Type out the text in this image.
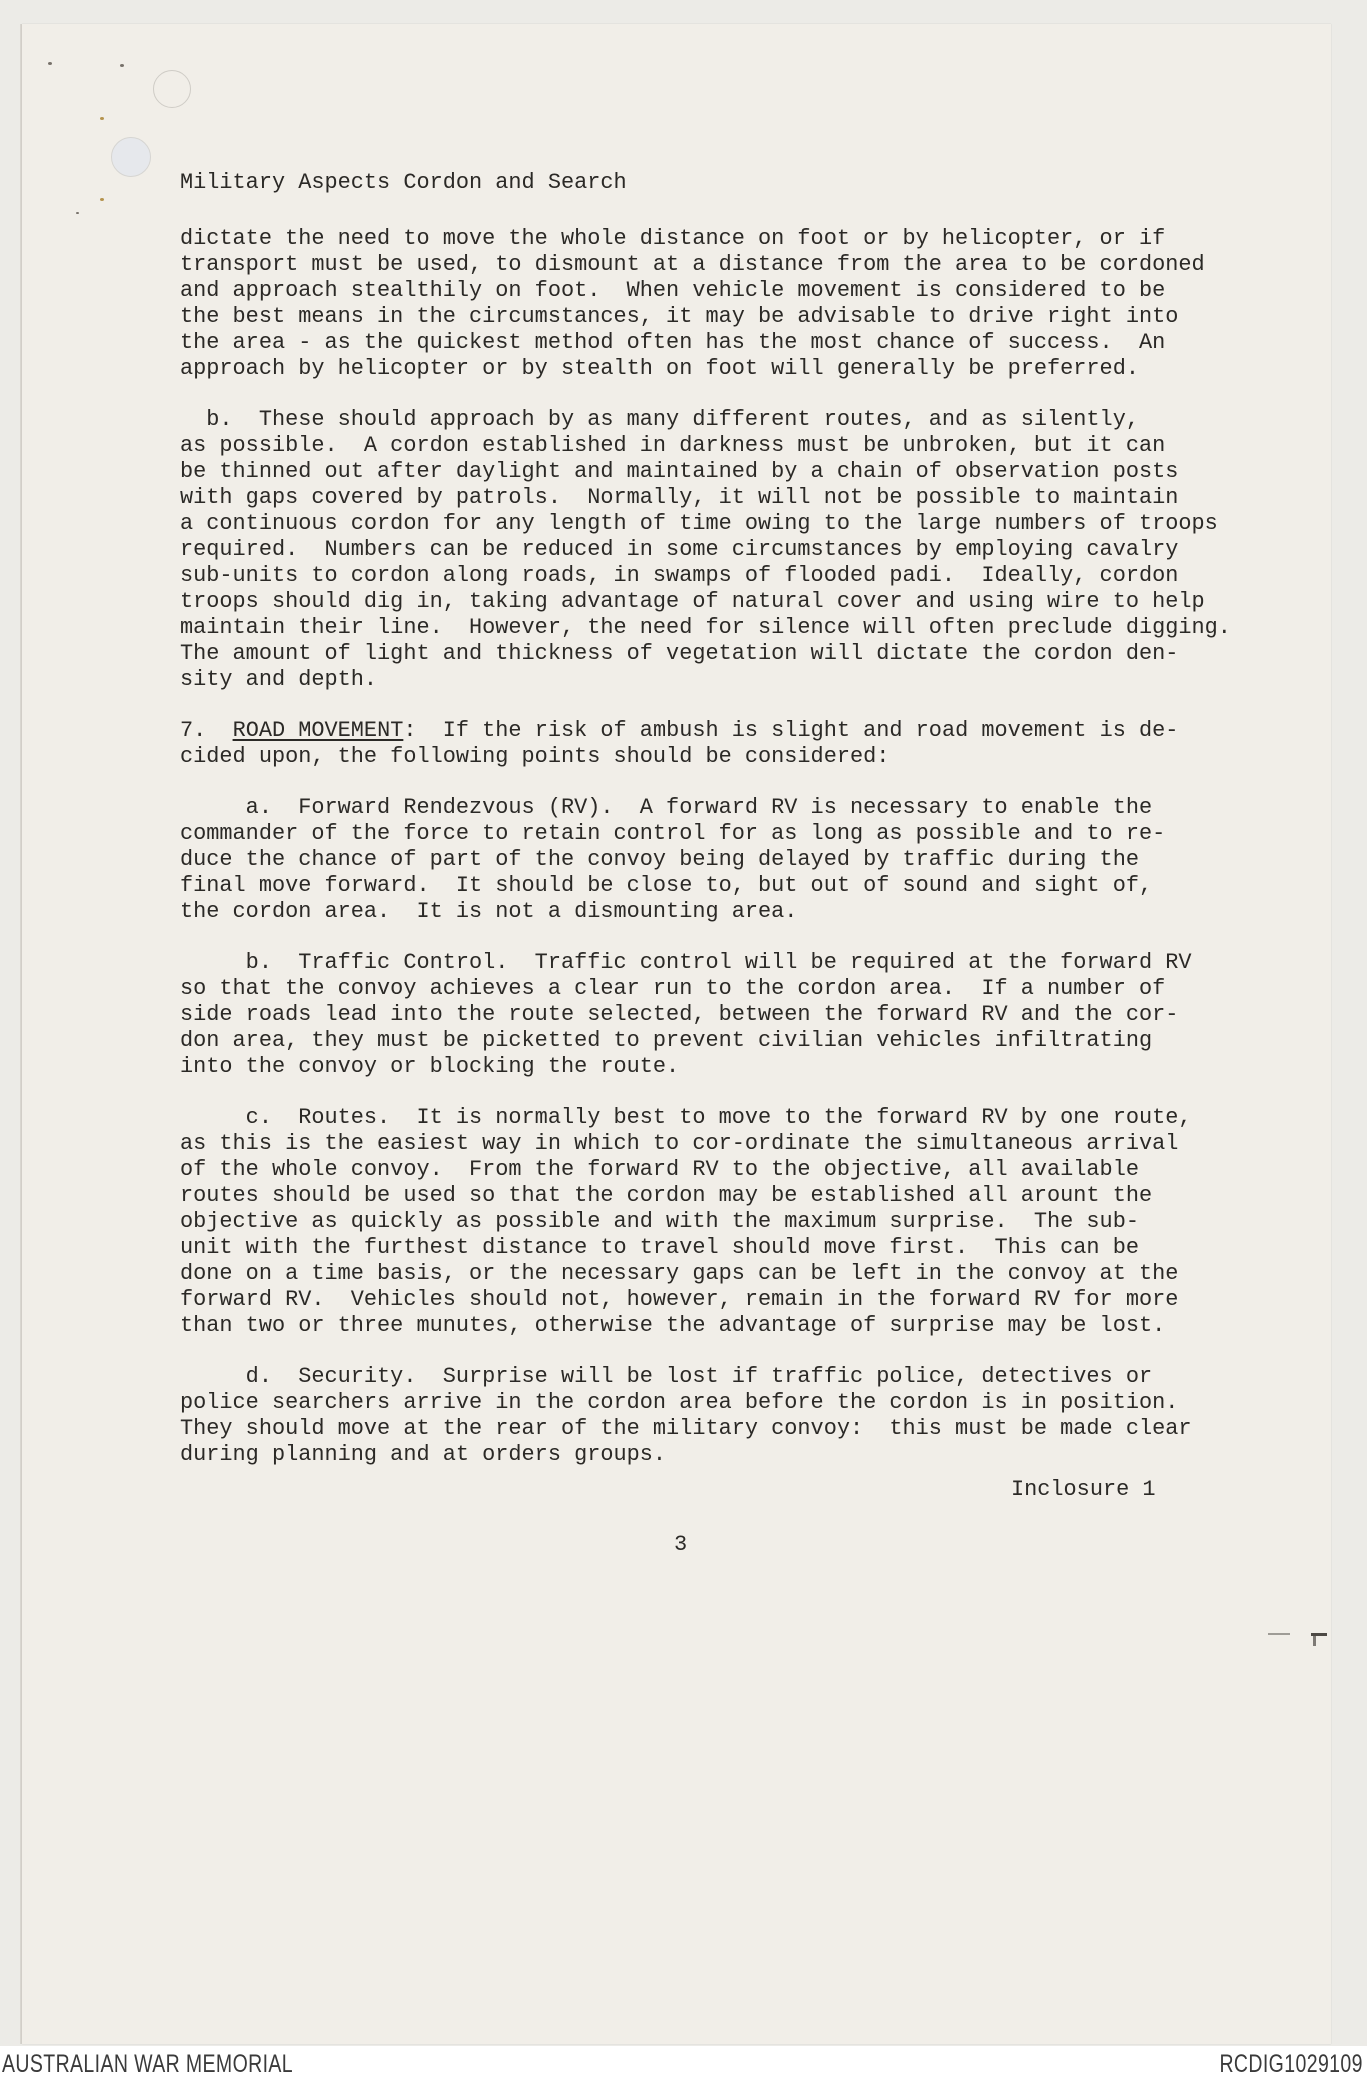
Military Aspects Cordon and Search

dictate the need to move the whole distance on foot or by helicopter, or if

transport must be used, to dismount at a distance from the area to be cordoned

and approach stealthily on foot.  When vehicle movement is considered to be

the best means in the circumstances, it may be advisable to drive right into

the area - as the quickest method often has the most chance of success.  An

approach by helicopter or by stealth on foot will generally be preferred.

b.  These should approach by as many different routes, and as silently,

as possible.  A cordon established in darkness must be unbroken, but it can

be thinned out after daylight and maintained by a chain of observation posts

with gaps covered by patrols.  Normally, it will not be possible to maintain

a continuous cordon for any length of time owing to the large numbers of troops

required.  Numbers can be reduced in some circumstances by employing cavalry

sub-units to cordon along roads, in swamps of flooded padi.  Ideally, cordon

troops should dig in, taking advantage of natural cover and using wire to help

maintain their line.  However, the need for silence will often preclude digging.

The amount of light and thickness of vegetation will dictate the cordon den-

sity and depth.

7. ROAD MOVEMENT:  If the risk of ambush is slight and road movement is de-

cided upon, the following points should be considered:

a.  Forward Rendezvous (RV).  A forward RV is necessary to enable the

commander of the force to retain control for as long as possible and to re-

duce the chance of part of the convoy being delayed by traffic during the

final move forward.  It should be close to, but out of sound and sight of,

the cordon area.  It is not a dismounting area.

b.  Traffic Control.  Traffic control will be required at the forward RV

so that the convoy achieves a clear run to the cordon area.  If a number of

side roads lead into the route selected, between the forward RV and the cor-

don area, they must be picketted to prevent civilian vehicles infiltrating

into the convoy or blocking the route.

c.  Routes.  It is normally best to move to the forward RV by one route,

as this is the easiest way in which to cor-ordinate the simultaneous arrival

of the whole convoy.  From the forward RV to the objective, all available

routes should be used so that the cordon may be established all arount the

objective as quickly as possible and with the maximum surprise.  The sub-

unit with the furthest distance to travel should move first.  This can be

done on a time basis, or the necessary gaps can be left in the convoy at the

forward RV.  Vehicles should not, however, remain in the forward RV for more

than two or three munutes, otherwise the advantage of surprise may be lost.

d.  Security.  Surprise will be lost if traffic police, detectives or

police searchers arrive in the cordon area before the cordon is in position.

They should move at the rear of the military convoy:  this must be made clear

during planning and at orders groups.

Inclosure 1
3
AUSTRALIAN WAR MEMORIAL	RCDIG1029109
